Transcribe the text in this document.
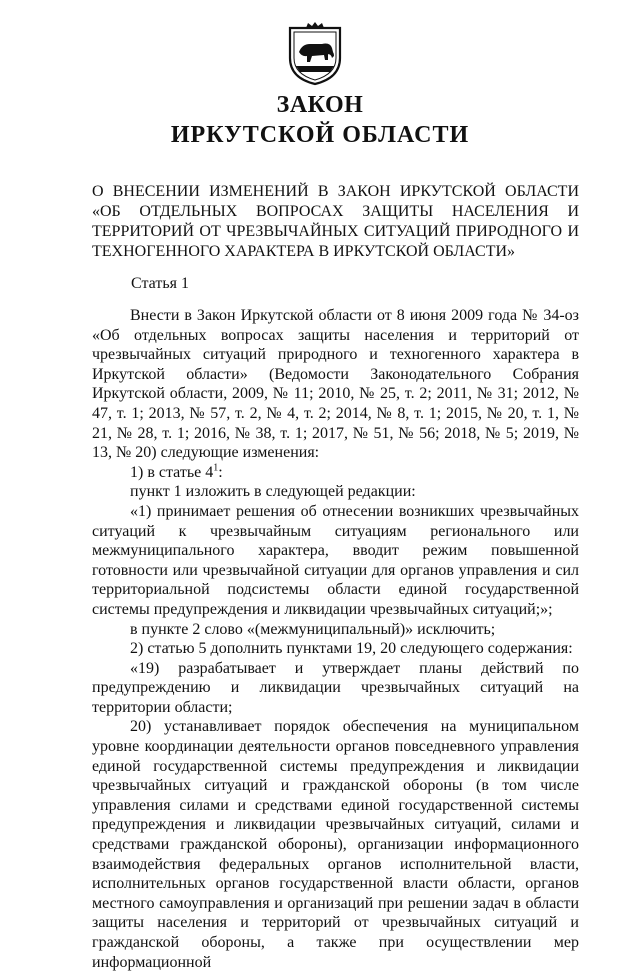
ЗАКОН
ИРКУТСКОЙ ОБЛАСТИ
О ВНЕСЕНИИ ИЗМЕНЕНИЙ В ЗАКОН ИРКУТСКОЙ ОБЛАСТИ «ОБ ОТДЕЛЬНЫХ ВОПРОСАХ ЗАЩИТЫ НАСЕЛЕНИЯ И ТЕРРИТОРИЙ ОТ ЧРЕЗВЫЧАЙНЫХ СИТУАЦИЙ ПРИРОДНОГО И ТЕХНОГЕННОГО ХАРАКТЕРА В ИРКУТСКОЙ ОБЛАСТИ»
Статья 1

Внести в Закон Иркутской области от 8 июня 2009 года № 34-оз «Об отдельных вопросах защиты населения и территорий от чрезвычайных ситуаций природного и техногенного характера в Иркутской области» (Ведомости Законодательного Собрания Иркутской области, 2009, № 11; 2010, № 25, т. 2; 2011, № 31; 2012, № 47, т. 1; 2013, № 57, т. 2, № 4, т. 2; 2014, № 8, т. 1; 2015, № 20, т. 1, № 21, № 28, т. 1; 2016, № 38, т. 1; 2017, № 51, № 56; 2018, № 5; 2019, № 13, № 20) следующие изменения:

1) в статье $4^1$:

пункт 1 изложить в следующей редакции:

«1) принимает решения об отнесении возникших чрезвычайных ситуаций к чрезвычайным ситуациям регионального или межмуниципального характера, вводит режим повышенной готовности или чрезвычайной ситуации для органов управления и сил территориальной подсистемы области единой государственной системы предупреждения и ликвидации чрезвычайных ситуаций;»;

в пункте 2 слово «(межмуниципальный)» исключить;

2) статью 5 дополнить пунктами 19, 20 следующего содержания:

«19) разрабатывает и утверждает планы действий по предупреждению и ликвидации чрезвычайных ситуаций на территории области;

20) устанавливает порядок обеспечения на муниципальном уровне координации деятельности органов повседневного управления единой государственной системы предупреждения и ликвидации чрезвычайных ситуаций и гражданской обороны (в том числе управления силами и средствами единой государственной системы предупреждения и ликвидации чрезвычайных ситуаций, силами и средствами гражданской обороны), организации информационного взаимодействия федеральных органов исполнительной власти, исполнительных органов государственной власти области, органов местного самоуправления и организаций при решении задач в области защиты населения и территорий от чрезвычайных ситуаций и гражданской обороны, а также при осуществлении мер информационной
